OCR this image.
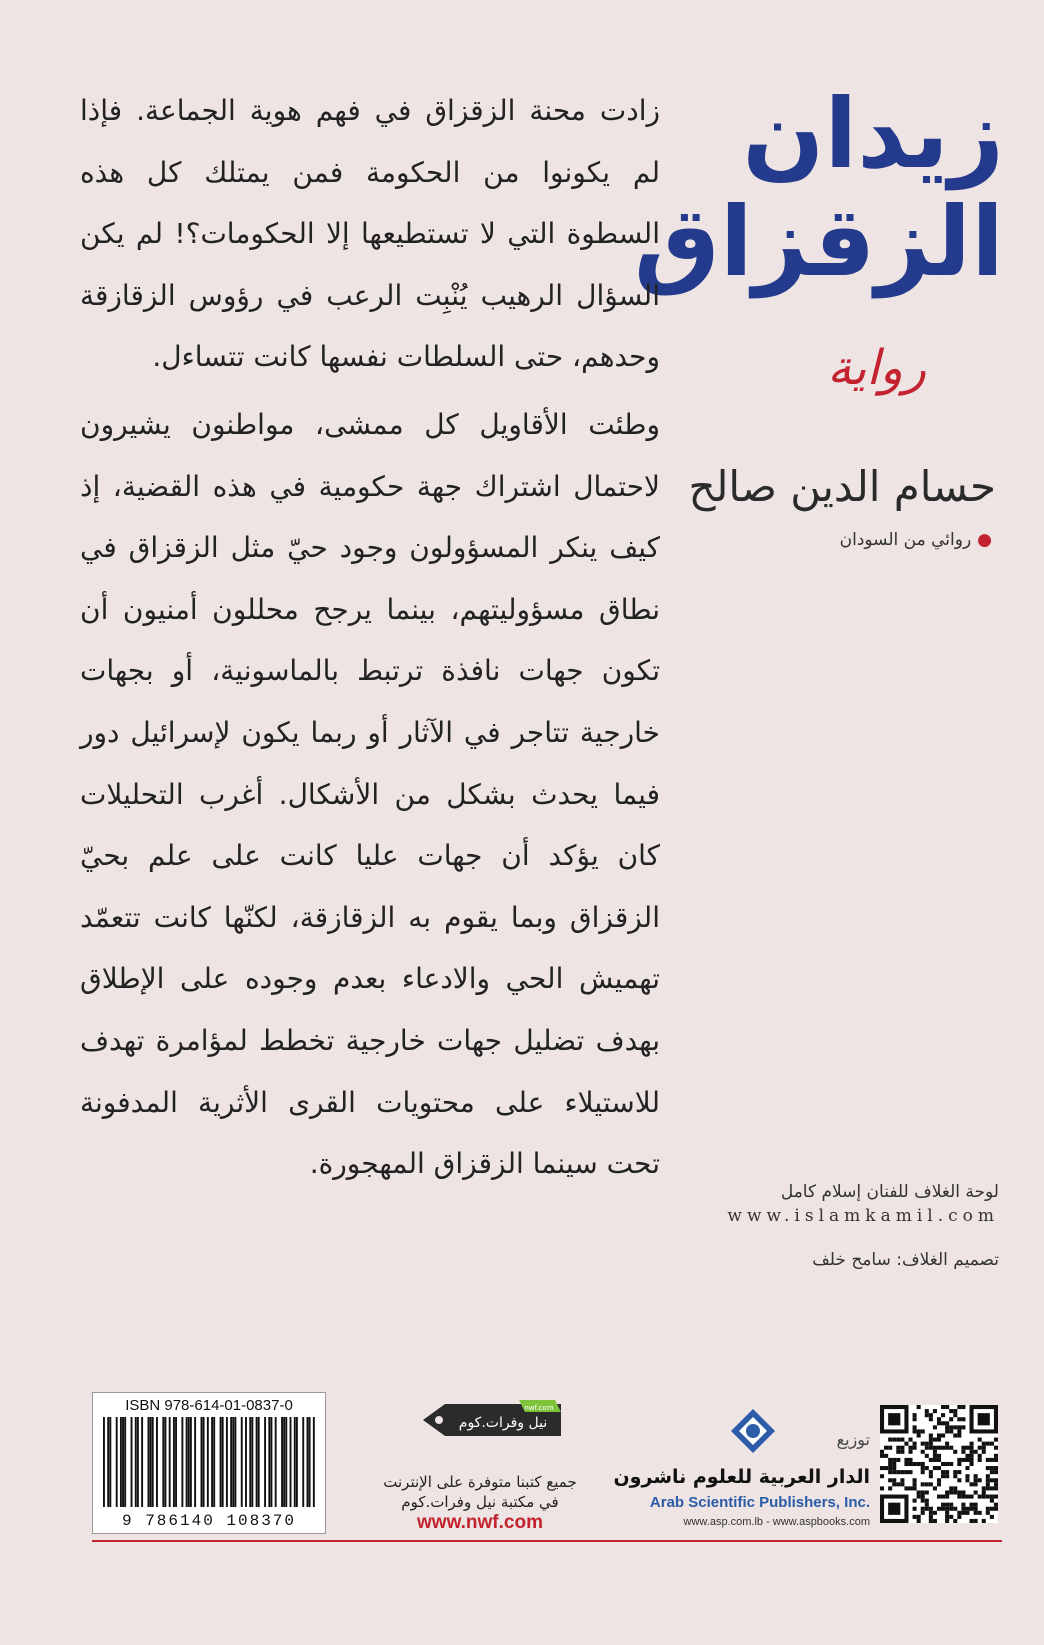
زيدان
الزقزاق
رواية
حسام الدين صالح
●روائي من السودان

زادت محنة الزقزاق في فهم هوية الجماعة. فإذا لم يكونوا من الحكومة فمن يمتلك كل هذه السطوة التي لا تستطيعها إلا الحكومات؟! لم يكن السؤال الرهيب يُنْبِت الرعب في رؤوس الزقازقة وحدهم، حتى السلطات نفسها كانت تتساءل.

وطئت الأقاويل كل ممشى، مواطنون يشيرون لاحتمال اشتراك جهة حكومية في هذه القضية، إذ كيف ينكر المسؤولون وجود حيّ مثل الزقزاق في نطاق مسؤوليتهم، بينما يرجح محللون أمنيون أن تكون جهات نافذة ترتبط بالماسونية، أو بجهات خارجية تتاجر في الآثار أو ربما يكون لإسرائيل دور فيما يحدث بشكل من الأشكال. أغرب التحليلات كان يؤكد أن جهات عليا كانت على علم بحيّ الزقزاق وبما يقوم به الزقازقة، لكنّها كانت تتعمّد تهميش الحي والادعاء بعدم وجوده على الإطلاق بهدف تضليل جهات خارجية تخطط لمؤامرة تهدف للاستيلاء على محتويات القرى الأثرية المدفونة تحت سينما الزقزاق المهجورة.

لوحة الغلاف للفنان إسلام كامل
www.islamkamil.com
تصميم الغلاف: سامح خلف
ISBN 978-614-01-0837-0
9 786140 108370
نيل وفرات.كوم
nwf.com
جميع كتبنا متوفرة على الإنترنت
في مكتبة نيل وفرات.كوم
www.nwf.com
توزيع
الدار العربية للعلوم ناشرون
Arab Scientific Publishers, Inc.
www.asp.com.lb - www.aspbooks.com
